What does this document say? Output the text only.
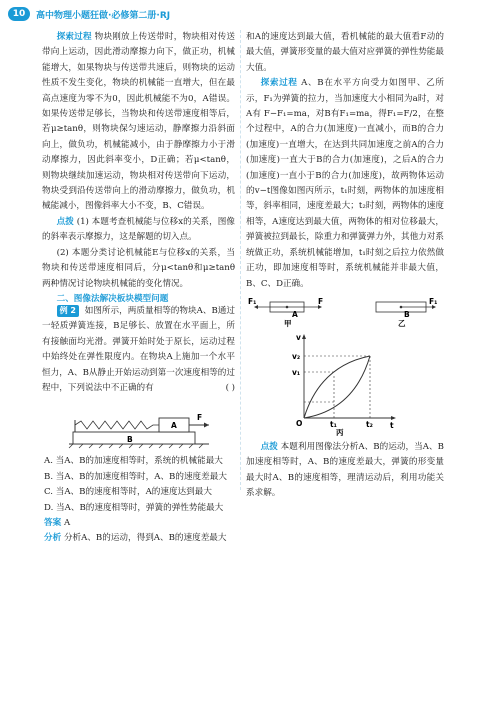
10	高中物理小题狂做·必修第二册·RJ

探索过程 物块刚放上传送带时，物块相对传送带向上运动，因此滑动摩擦力向下，做正功，机械能增大，如果物块与传送带共速后，则物块的运动性质不发生变化，物块的机械能一直增大，但在最高点速度为零不为0，因此机械能不为0，A错误。如果传送带足够长，当物块和传送带速度相等后，若μ≥tanθ，则物块保匀速运动，静摩擦力沿斜面向上，做负功，机械能减小，由于静摩擦力小于滑动摩擦力，因此斜率变小，D正确；若μ<tanθ，则物块继续加速运动，物块相对传送带向下运动，物块受到沿传送带向上的滑动摩擦力，做负功，机械能减小，图像斜率大小不变，B、C错误。

点拨 (1) 本题考查机械能与位移x的关系，图像的斜率表示摩擦力，这是解题的切入点。

(2) 本题分类讨论机械能E与位移x的关系，当物块和传送带速度相同后，分μ<tanθ和μ≥tanθ两种情况讨论物块机械能的变化情况。

二、图像法解决板块模型问题

例 2 如图所示，两质量相等的物块A、B通过一轻质弹簧连接，B足够长、放置在水平面上，所有接触面均光滑。弹簧开始时处于原长，运动过程中始终处在弹性限度内。在物块A上施加一个水平恒力，A、B从静止开始运动到第一次速度相等的过程中，下列说法中不正确的有	( )

A
B
F

A. 当A、B的加速度相等时，系统的机械能最大

B. 当A、B的加速度相等时，A、B的速度差最大

C. 当A、B的速度相等时，A的速度达到最大

D. 当A、B的速度相等时，弹簧的弹性势能最大

答案 A

分析 分析A、B的运动，得到A、B的速度差最大

和A的速度达到最大值，看机械能的最大值看F动的最大值，弹簧形变量的最大值对应弹簧的弹性势能最大值。

探索过程 A、B在水平方向受力如图甲、乙所示，F₁为弹簧的拉力，当加速度大小相同为a时，对A有 F−F₁=ma，对B有F₁=ma，得F₁=F/2，在整个过程中，A的合力(加速度)一直减小，而B的合力(加速度)一直增大，在达到共同加速度之前A的合力(加速度)一直大于B的合力(加速度)，之后A的合力(加速度)一直小于B的合力(加速度)，故两物体运动的v−t图像如图丙所示，t₁时刻，两物体的加速度相等，斜率相同，速度差最大；t₂时刻，两物体的速度相等，A速度达到最大值，两物体的相对位移最大，弹簧被拉到最长，除重力和弹簧弹力外，其他力对系统做正功，系统机械能增加，t₁时刻之后拉力依然做正功，即加速度相等时，系统机械能并非最大值，B、C、D正确。

F₁	F
A
甲
F₁
B
乙
v
t
O	t₁	t₂
v₂
v₁
丙

点拨 本题利用图像法分析A、B的运动，当A、B加速度相等时，A、B的速度差最大，弹簧的形变量最大时A、B的速度相等，理清运动后，利用功能关系求解。
